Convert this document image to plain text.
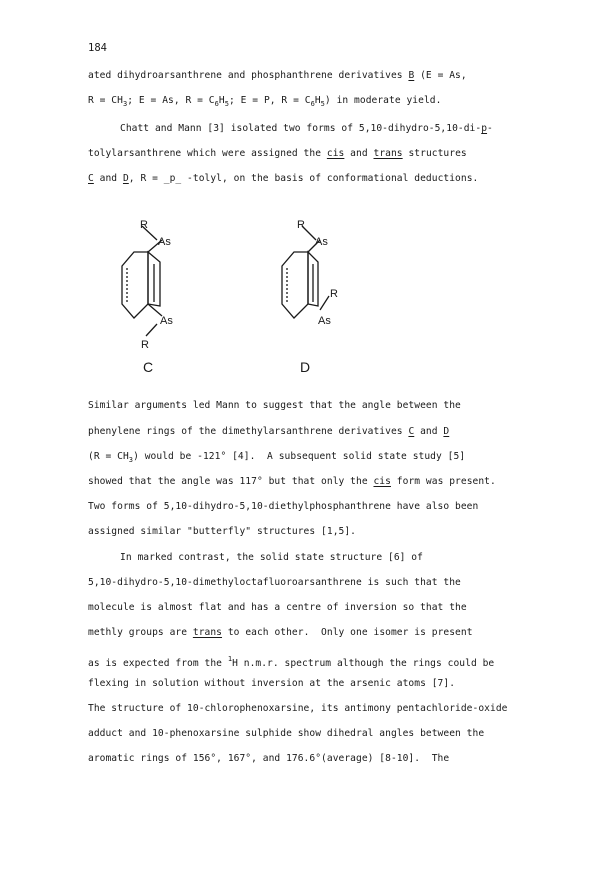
184
ated dihydroarsanthrene and phosphanthrene derivatives B (E = As,
$R = CH_3$; E = As, $R = C_6H_5$; E = P, $R = C_6H_5$) in moderate yield.
Chatt and Mann [3] isolated two forms of 5,10-dihydro-5,10-di-p-
tolylarsanthrene which were assigned the cis and trans structures
C and D, R = _p_ -tolyl, on the basis of conformational deductions.
R
As
As
R
C
R
As
R
As
D
Similar arguments led Mann to suggest that the angle between the
phenylene rings of the dimethylarsanthrene derivatives C and D
$(R = CH_3)$ would be -121° [4].  A subsequent solid state study [5]
showed that the angle was 117° but that only the cis form was present.
Two forms of 5,10-dihydro-5,10-diethylphosphanthrene have also been
assigned similar "butterfly" structures [1,5].
In marked contrast, the solid state structure [6] of
5,10-dihydro-5,10-dimethyloctafluoroarsanthrene is such that the
molecule is almost flat and has a centre of inversion so that the
methly groups are trans to each other.  Only one isomer is present
as is expected from the $^1$H n.m.r. spectrum although the rings could be
flexing in solution without inversion at the arsenic atoms [7].
The structure of 10-chlorophenoxarsine, its antimony pentachloride-oxide
adduct and 10-phenoxarsine sulphide show dihedral angles between the
aromatic rings of 156°, 167°, and 176.6°(average) [8-10].  The
